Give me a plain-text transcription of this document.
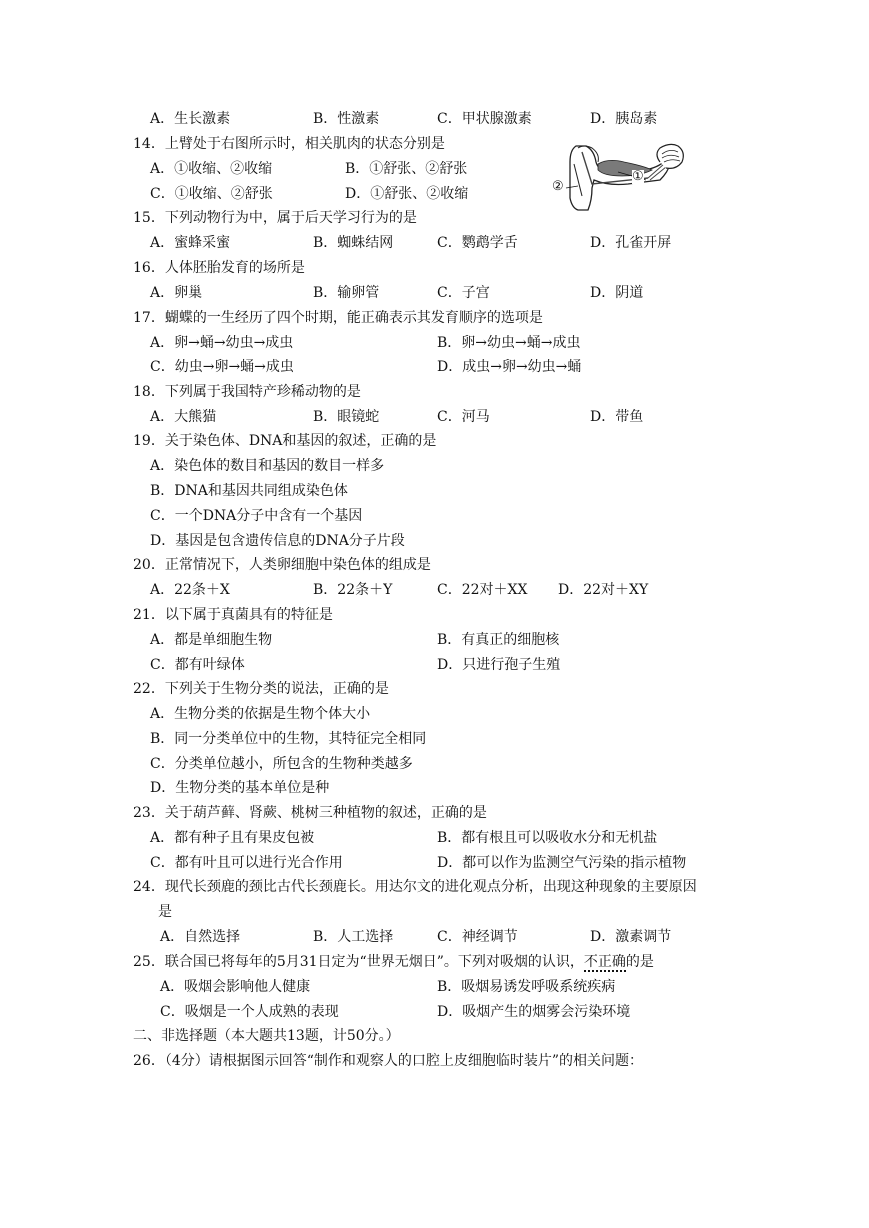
A．生长激素	B．性激素	C．甲状腺激素	D．胰岛素
14．上臂处于右图所示时，相关肌肉的状态分别是
A．①收缩、②收缩	B．①舒张、②舒张
C．①收缩、②舒张	D．①舒张、②收缩
①
②
15．下列动物行为中，属于后天学习行为的是
A．蜜蜂采蜜	B．蜘蛛结网	C．鹦鹉学舌	D．孔雀开屏
16．人体胚胎发育的场所是
A．卵巢	B．输卵管	C．子宫	D．阴道
17．蝴蝶的一生经历了四个时期，能正确表示其发育顺序的选项是
A．卵→蛹→幼虫→成虫	B．卵→幼虫→蛹→成虫
C．幼虫→卵→蛹→成虫	D．成虫→卵→幼虫→蛹
18．下列属于我国特产珍稀动物的是
A．大熊猫	B．眼镜蛇	C．河马	D．带鱼
19．关于染色体、DNA和基因的叙述，正确的是
A．染色体的数目和基因的数目一样多
B．DNA和基因共同组成染色体
C．一个DNA分子中含有一个基因
D．基因是包含遗传信息的DNA分子片段
20．正常情况下，人类卵细胞中染色体的组成是
A．22条＋X	B．22条＋Y	C．22对＋XX D．22对＋XY
21．以下属于真菌具有的特征是
A．都是单细胞生物	B．有真正的细胞核
C．都有叶绿体	D．只进行孢子生殖
22．下列关于生物分类的说法，正确的是
A．生物分类的依据是生物个体大小
B．同一分类单位中的生物，其特征完全相同
C．分类单位越小，所包含的生物种类越多
D．生物分类的基本单位是种
23．关于葫芦藓、肾蕨、桃树三种植物的叙述，正确的是
A．都有种子且有果皮包被	B．都有根且可以吸收水分和无机盐
C．都有叶且可以进行光合作用	D．都可以作为监测空气污染的指示植物
24．现代长颈鹿的颈比古代长颈鹿长。用达尔文的进化观点分析，出现这种现象的主要原因
是
A．自然选择	B．人工选择	C．神经调节	D．激素调节
25．联合国已将每年的5月31日定为“世界无烟日”。下列对吸烟的认识，不正确的是
A．吸烟会影响他人健康	B．吸烟易诱发呼吸系统疾病
C．吸烟是一个人成熟的表现	D．吸烟产生的烟雾会污染环境
二、非选择题（本大题共13题，计50分。）
26．（4分）请根据图示回答“制作和观察人的口腔上皮细胞临时装片”的相关问题：
